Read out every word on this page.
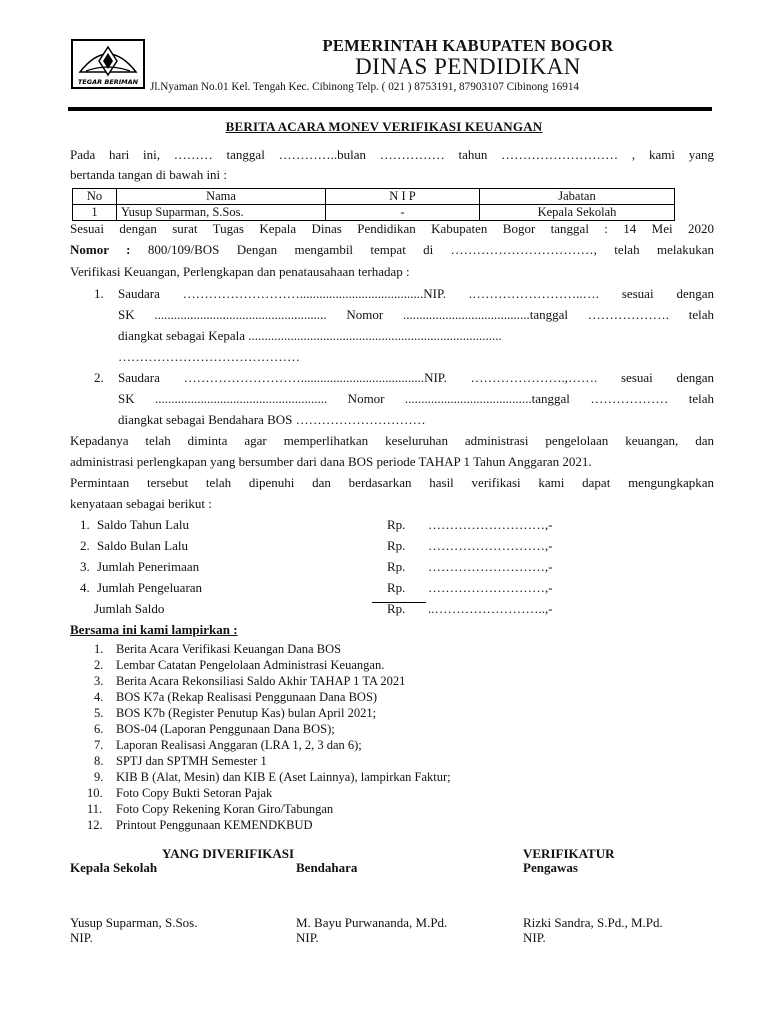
TEGAR BERIMAN
PEMERINTAH KABUPATEN BOGOR
DINAS PENDIDIKAN
Jl.Nyaman No.01 Kel. Tengah Kec. Cibinong Telp. ( 021 ) 8753191, 87903107 Cibinong 16914
BERITA ACARA MONEV VERIFIKASI KEUANGAN
Pada hari ini, ……… tanggal …………..bulan …………… tahun ……………………… , kami yang
bertanda tangan di bawah ini :
No	Nama	N I P	Jabatan
1	Yusup Suparman, S.Sos.	-	Kepala Sekolah
Sesuai dengan surat Tugas Kepala Dinas Pendidikan Kabupaten Bogor tanggal : 14 Mei 2020
Nomor : 800/109/BOS Dengan mengambil tempat di ……………………………, telah melakukan
Verifikasi Keuangan, Perlengkapan dan penatausahaan terhadap :
1. Saudara ………………………......................................NIP. .……………………..…. sesuai dengan
SK ..................................................... Nomor .......................................tanggal ………………. telah
diangkat sebagai Kepala ..............................................................................
……………………………………
2. Saudara ………………………......................................NIP. ………………….,……. sesuai dengan
SK ..................................................... Nomor .......................................tanggal ……………… telah
diangkat sebagai Bendahara BOS …………………………
Kepadanya telah diminta agar memperlihatkan keseluruhan administrasi pengelolaan keuangan, dan
administrasi perlengkapan yang bersumber dari dana BOS periode TAHAP 1 Tahun Anggaran 2021.
Permintaan tersebut telah dipenuhi dan berdasarkan hasil verifikasi kami dapat mengungkapkan
kenyataan sebagai berikut :
1. Saldo Tahun Lalu	Rp. ………………………,-
2. Saldo Bulan Lalu	Rp. ………………………,-
3. Jumlah Penerimaan	Rp. ………………………,-
4. Jumlah Pengeluaran	Rp. ………………………,-
Jumlah Saldo	Rp. ..……………………..,-
Bersama ini kami lampirkan :
1. Berita Acara Verifikasi Keuangan Dana BOS
2. Lembar Catatan Pengelolaan Administrasi Keuangan.
3. Berita Acara Rekonsiliasi Saldo Akhir TAHAP 1 TA 2021
4. BOS K7a (Rekap Realisasi Penggunaan Dana BOS)
5. BOS K7b (Register Penutup Kas) bulan April 2021;
6. BOS-04 (Laporan Penggunaan Dana BOS);
7. Laporan Realisasi Anggaran (LRA 1, 2, 3 dan 6);
8. SPTJ dan SPTMH Semester 1
9. KIB B (Alat, Mesin) dan KIB E (Aset Lainnya), lampirkan Faktur;
10. Foto Copy Bukti Setoran Pajak
11. Foto Copy Rekening Koran Giro/Tabungan
12. Printout Penggunaan KEMENDKBUD
YANG DIVERIFIKASI	VERIFIKATUR
Kepala Sekolah	Bendahara	Pengawas
Yusup Suparman, S.Sos.	M. Bayu Purwananda, M.Pd.	Rizki Sandra, S.Pd., M.Pd.
NIP.	NIP.	NIP.
